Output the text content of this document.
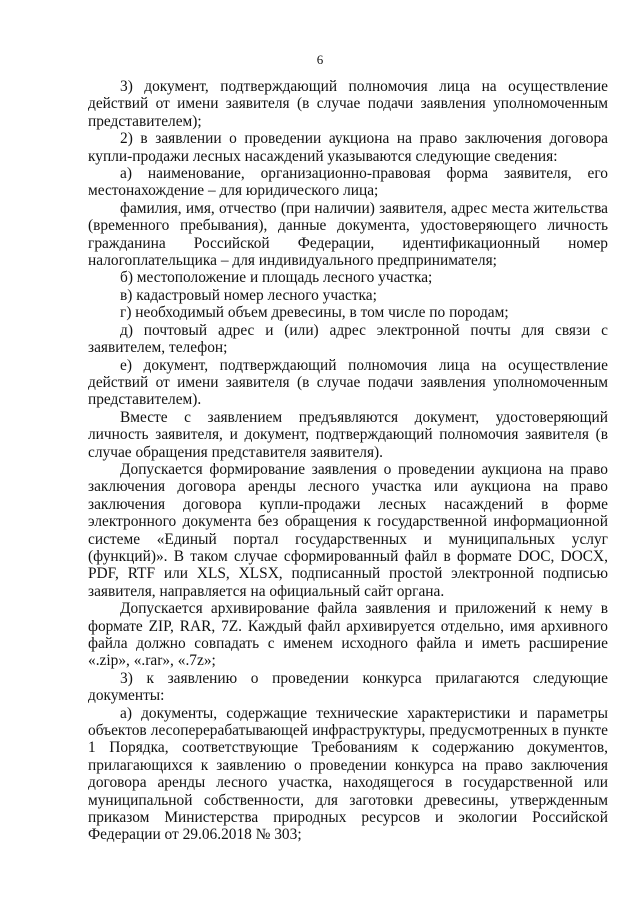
6

3) документ, подтверждающий полномочия лица на осуществление действий от имени заявителя (в случае подачи заявления уполномоченным представителем);

2) в заявлении о проведении аукциона на право заключения договора купли-продажи лесных насаждений указываются следующие сведения:

а) наименование, организационно-правовая форма заявителя, его местонахождение – для юридического лица;

фамилия, имя, отчество (при наличии) заявителя, адрес места жительства (временного пребывания), данные документа, удостоверяющего личность гражданина Российской Федерации, идентификационный номер налогоплательщика – для индивидуального предпринимателя;

б) местоположение и площадь лесного участка;

в) кадастровый номер лесного участка;

г) необходимый объем древесины, в том числе по породам;

д) почтовый адрес и (или) адрес электронной почты для связи с заявителем, телефон;

е) документ, подтверждающий полномочия лица на осуществление действий от имени заявителя (в случае подачи заявления уполномоченным представителем).

Вместе с заявлением предъявляются документ, удостоверяющий личность заявителя, и документ, подтверждающий полномочия заявителя (в случае обращения представителя заявителя).

Допускается формирование заявления о проведении аукциона на право заключения договора аренды лесного участка или аукциона на право заключения договора купли-продажи лесных насаждений в форме электронного документа без обращения к государственной информационной системе «Единый портал государственных и муниципальных услуг (функций)». В таком случае сформированный файл в формате DOC, DOCX, PDF, RTF или XLS, XLSX, подписанный простой электронной подписью заявителя, направляется на официальный сайт органа.

Допускается архивирование файла заявления и приложений к нему в формате ZIP, RAR, 7Z. Каждый файл архивируется отдельно, имя архивного файла должно совпадать с именем исходного файла и иметь расширение «.zip», «.rar», «.7z»;

3) к заявлению о проведении конкурса прилагаются следующие документы:

а) документы, содержащие технические характеристики и параметры объектов лесоперерабатывающей инфраструктуры, предусмотренных в пункте 1 Порядка, соответствующие Требованиям к содержанию документов, прилагающихся к заявлению о проведении конкурса на право заключения договора аренды лесного участка, находящегося в государственной или муниципальной собственности, для заготовки древесины, утвержденным приказом Министерства природных ресурсов и экологии Российской Федерации от 29.06.2018 № 303;
